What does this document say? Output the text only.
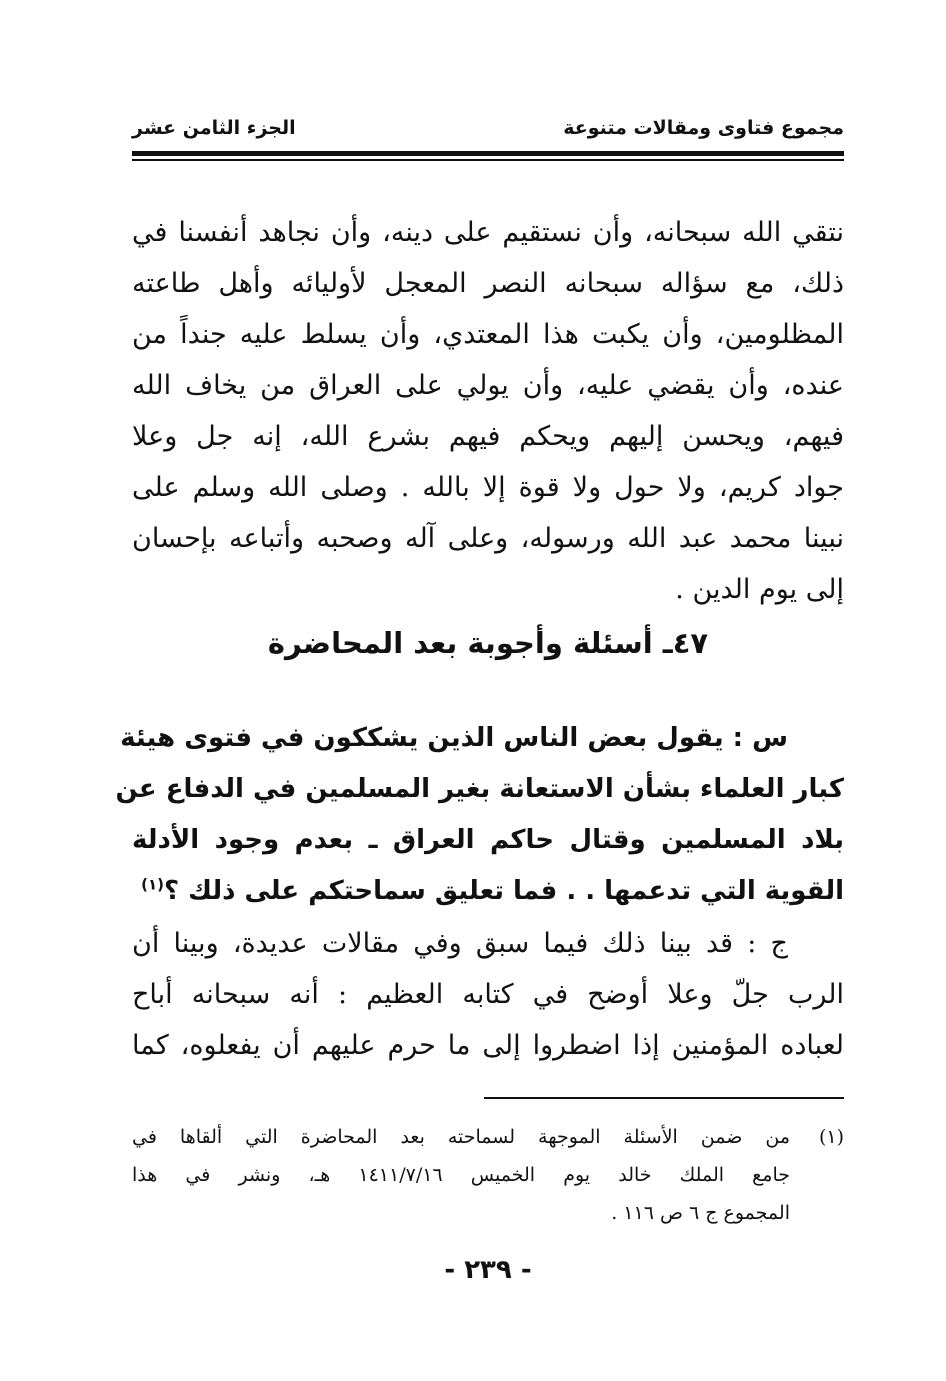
مجموع فتاوى ومقالات متنوعة
الجزء الثامن عشر
نتقي الله سبحانه، وأن نستقيم على دينه، وأن نجاهد أنفسنا في
ذلك، مع سؤاله سبحانه النصر المعجل لأوليائه وأهل طاعته
المظلومين، وأن يكبت هذا المعتدي، وأن يسلط عليه جنداً من
عنده، وأن يقضي عليه، وأن يولي على العراق من يخاف الله
فيهم، ويحسن إليهم ويحكم فيهم بشرع الله، إنه جل وعلا
جواد كريم، ولا حول ولا قوة إلا بالله . وصلى الله وسلم على
نبينا محمد عبد الله ورسوله، وعلى آله وصحبه وأتباعه بإحسان
إلى يوم الدين .
٤٧ـ أسئلة وأجوبة بعد المحاضرة
س : يقول بعض الناس الذين يشككون في فتوى هيئة
كبار العلماء بشأن الاستعانة بغير المسلمين في الدفاع عن
بلاد المسلمين وقتال حاكم العراق ـ بعدم وجود الأدلة
القوية التي تدعمها . . فما تعليق سماحتكم على ذلك ؟$^{(١)}$
ج : قد بينا ذلك فيما سبق وفي مقالات عديدة، وبينا أن
الرب جلّ وعلا أوضح في كتابه العظيم : أنه سبحانه أباح
لعباده المؤمنين إذا اضطروا إلى ما حرم عليهم أن يفعلوه، كما
(١)من ضمن الأسئلة الموجهة لسماحته بعد المحاضرة التي ألقاها في
جامع الملك خالد يوم الخميس ١٤١١/٧/١٦ هـ، ونشر في هذا
المجموع ج ٦ ص ١١٦ .
- ٢٣٩ -
